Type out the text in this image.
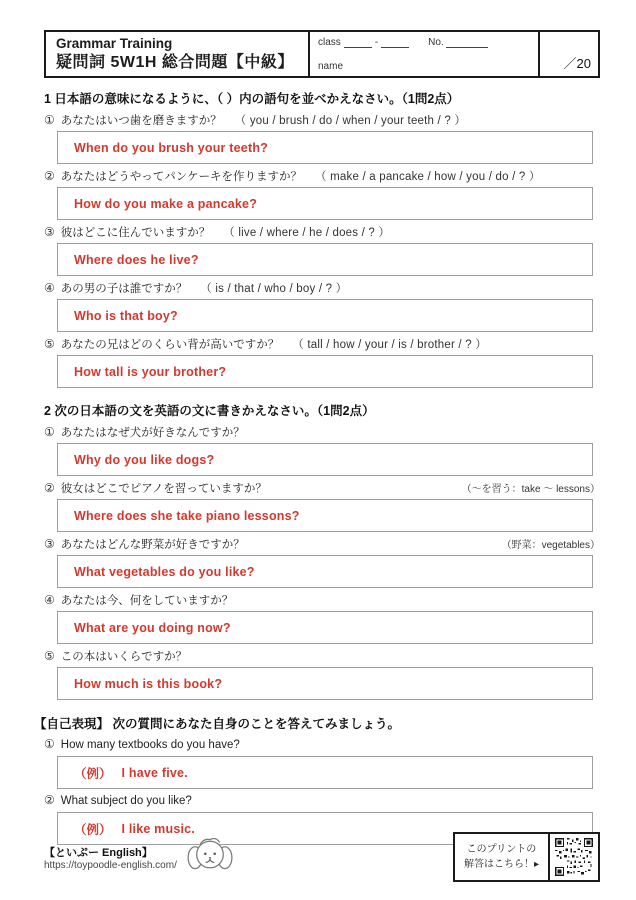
Grammar Training
疑問詞 5W1H 総合問題【中級】
class	-	No.
name	／20
1 日本語の意味になるように、（ ）内の語句を並べかえなさい。（1問2点）
① あなたはいつ歯を磨きますか？ （ you / brush / do / when / your teeth / ? ）
When do you brush your teeth?
② あなたはどうやってパンケーキを作りますか？ （ make / a pancake / how / you / do / ? ）
How do you make a pancake?
③ 彼はどこに住んでいますか？ （ live / where / he / does / ? ）
Where does he live?
④ あの男の子は誰ですか？ （ is / that / who / boy / ? ）
Who is that boy?
⑤ あなたの兄はどのくらい背が高いですか？ （ tall / how / your / is / brother / ? ）
How tall is your brother?
2 次の日本語の文を英語の文に書きかえなさい。（1問2点）
① あなたはなぜ犬が好きなんですか？
Why do you like dogs?
② 彼女はどこでピアノを習っていますか？	（～を習う：take ～ lessons）
Where does she take piano lessons?
③ あなたはどんな野菜が好きですか？	（野菜：vegetables）
What vegetables do you like?
④ あなたは今、何をしていますか？
What are you doing now?
⑤ この本はいくらですか？
How much is this book?
【自己表現】 次の質問にあなた自身のことを答えてみましょう。
① How many textbooks do you have?
（例） I have five.
② What subject do you like?
（例） I like music.
【といぷー English】
https://toypoodle-english.com/
このプリントの
解答はこちら！▸
